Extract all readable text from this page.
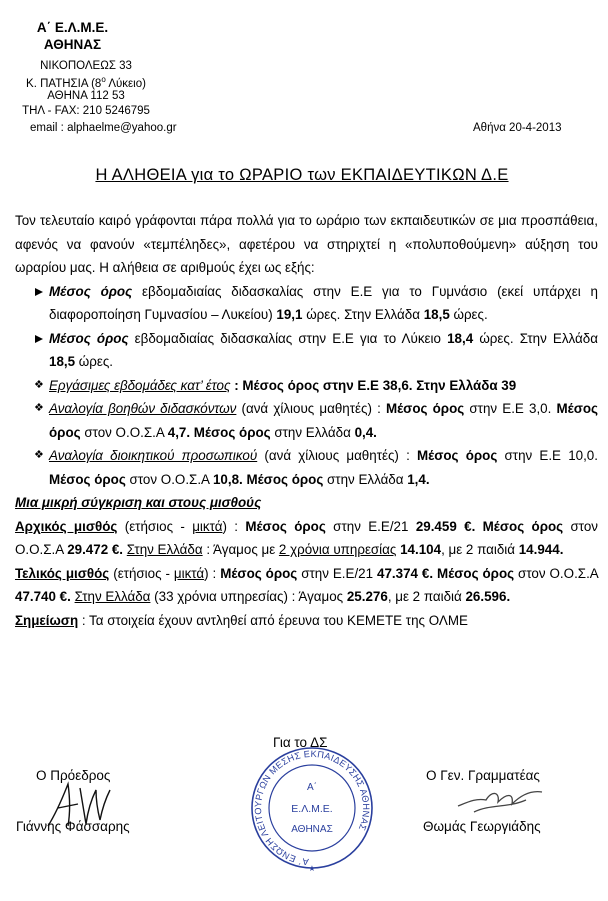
Α΄ Ε.Λ.Μ.Ε.
ΑΘΗΝΑΣ
ΝΙΚΟΠΟΛΕΩΣ 33
Κ. ΠΑΤΗΣΙΑ ($8^o$ Λύκειο)
ΑΘΗΝΑ 112 53
ΤΗΛ - FAX: 210 5246795
email : alphaelme@yahoo.gr	Αθήνα 20-4-2013
Η ΑΛΗΘΕΙΑ για το ΩΡΑΡΙΟ των ΕΚΠΑΙΔΕΥΤΙΚΩΝ Δ.Ε

Τον τελευταίο καιρό γράφονται πάρα πολλά για το ωράριο των εκπαιδευτικών σε μια προσπάθεια, αφενός να φανούν «τεμπέληδες», αφετέρου να στηριχτεί η «πολυποθούμενη» αύξηση του ωραρίου μας. Η αλήθεια σε αριθμούς έχει ως εξής:

Μέσος όρος εβδομαδιαίας διδασκαλίας στην Ε.Ε για το Γυμνάσιο (εκεί υπάρχει η διαφοροποίηση Γυμνασίου – Λυκείου) 19,1 ώρες. Στην Ελλάδα 18,5 ώρες.
Μέσος όρος εβδομαδιαίας διδασκαλίας στην Ε.Ε για το Λύκειο 18,4 ώρες. Στην Ελλάδα 18,5 ώρες.
❖ Εργάσιμες εβδομάδες κατ’ έτος : Μέσος όρος στην Ε.Ε 38,6. Στην Ελλάδα 39
❖ Αναλογία βοηθών διδασκόντων (ανά χίλιους μαθητές) : Μέσος όρος στην Ε.Ε 3,0. Μέσος όρος στον Ο.Ο.Σ.Α 4,7. Μέσος όρος στην Ελλάδα 0,4.
❖ Αναλογία διοικητικού προσωπικού (ανά χίλιους μαθητές) : Μέσος όρος στην Ε.Ε 10,0. Μέσος όρος στον Ο.Ο.Σ.Α 10,8. Μέσος όρος στην Ελλάδα 1,4.

Μια μικρή σύγκριση και στους μισθούς

Αρχικός μισθός (ετήσιος - μικτά) : Μέσος όρος στην Ε.Ε/21 29.459 €. Μέσος όρος στον Ο.Ο.Σ.Α 29.472 €. Στην Ελλάδα : Άγαμος με 2 χρόνια υπηρεσίας 14.104, με 2 παιδιά 14.944.

Τελικός μισθός (ετήσιος - μικτά) : Μέσος όρος στην Ε.Ε/21 47.374 €. Μέσος όρος στον Ο.Ο.Σ.Α 47.740 €. Στην Ελλάδα (33 χρόνια υπηρεσίας) : Άγαμος 25.276, με 2 παιδιά 26.596.

Σημείωση : Τα στοιχεία έχουν αντληθεί από έρευνα του ΚΕΜΕΤΕ της ΟΛΜΕ

Για το ΔΣ
Ο Πρόεδρος	Ο Γεν. Γραμματέας
Γιάννης Φάσσαρης	Θωμάς Γεωργιάδης
Α΄ ΕΝΩΣΗ ΛΕΙΤΟΥΡΓΩΝ ΜΕΣΗΣ ΕΚΠΑΙΔΕΥΣΗΣ ΑΘΗΝΑΣ
Α΄
Ε.Λ.Μ.Ε.
ΑΘΗΝΑΣ
★
